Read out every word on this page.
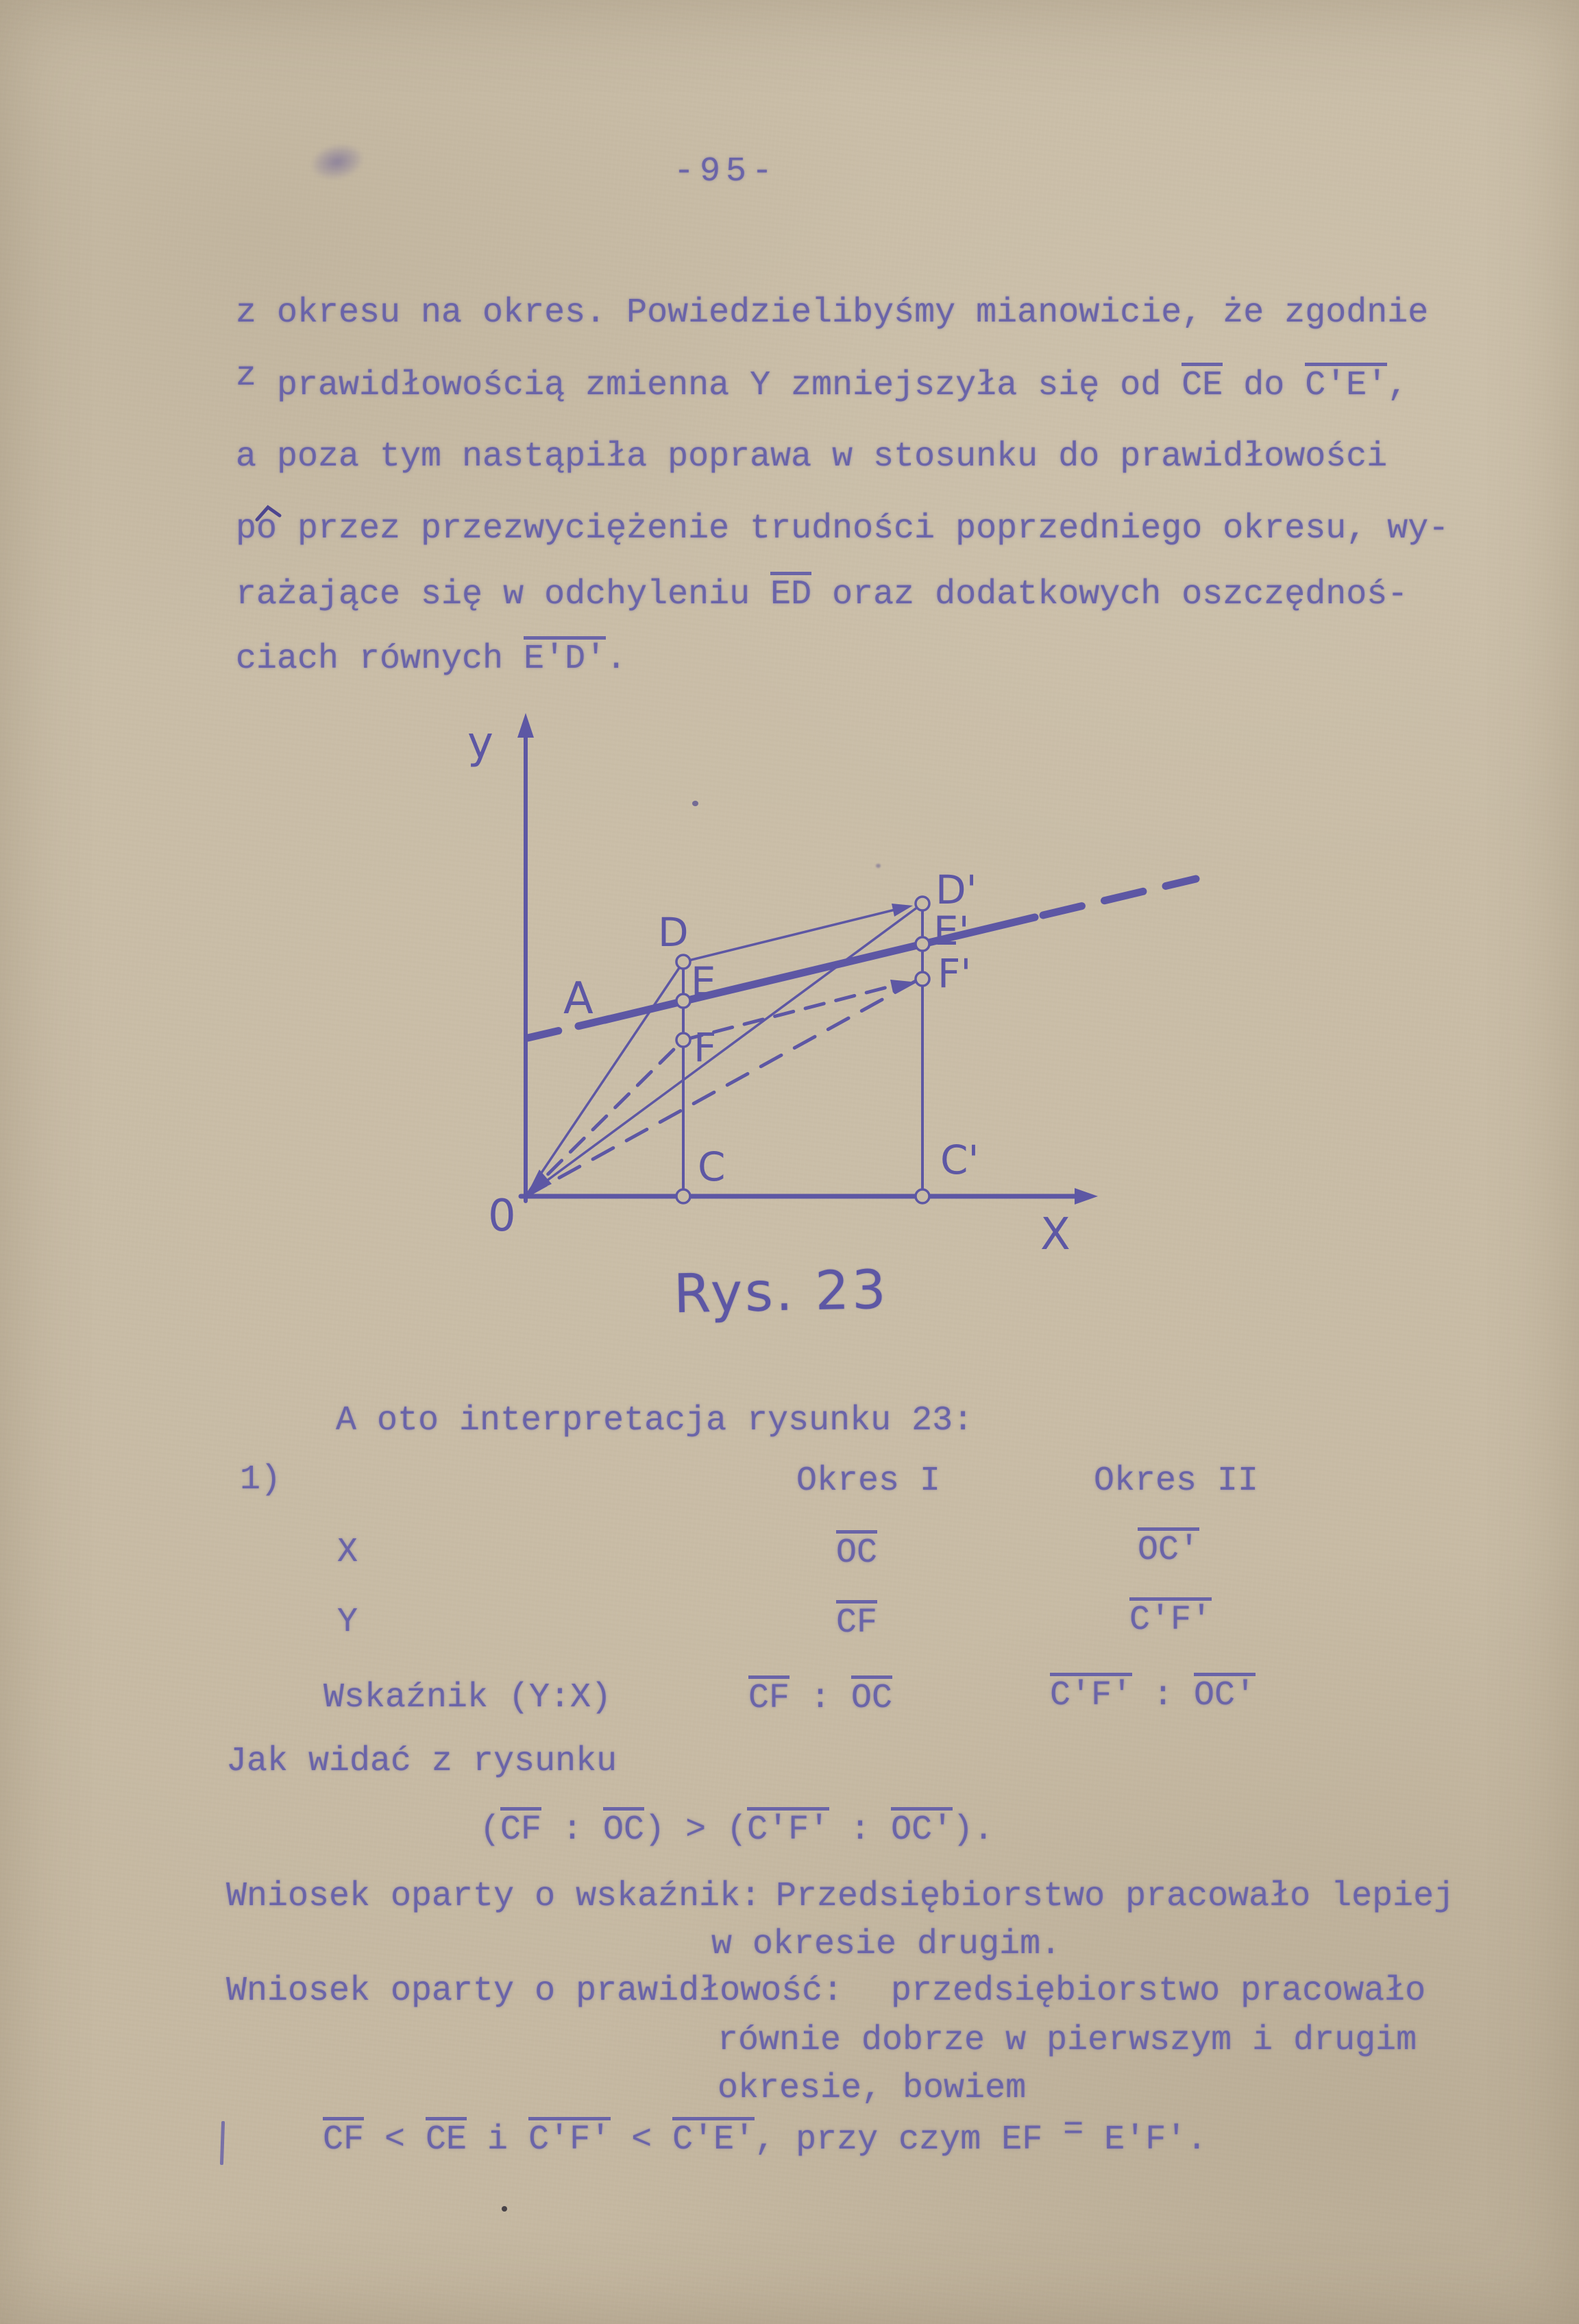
-95-
z okresu na okres. Powiedzielibyśmy mianowicie, że zgodnie
z prawidłowością zmienna Y zmniejszyła się od CE do C'E',
a poza tym nastąpiła poprawa w stosunku do prawidłowości
po przez przezwyciężenie trudności poprzedniego okresu, wy-
rażające się w odchyleniu ED oraz dodatkowych oszczędnoś-
ciach równych E'D'.
y
X
0
A
D
E
F
D'
E'
F'
C	C'
Rys. 23
A oto interpretacja rysunku 23:
1)	Okres I	Okres II
X	OC	OC'
Y	CF	C'F'
Wskaźnik (Y:X)	CF : OC	C'F' : OC'
Jak widać z rysunku
(CF : OC) > (C'F' : OC').
Wniosek oparty o wskaźnik: Przedsiębiorstwo pracowało lepiej
w okresie drugim.
Wniosek oparty o prawidłowość: przedsiębiorstwo pracowało
równie dobrze w pierwszym i drugim
okresie, bowiem
CF < CE i C'F' < C'E', przy czym EF = E'F'.
